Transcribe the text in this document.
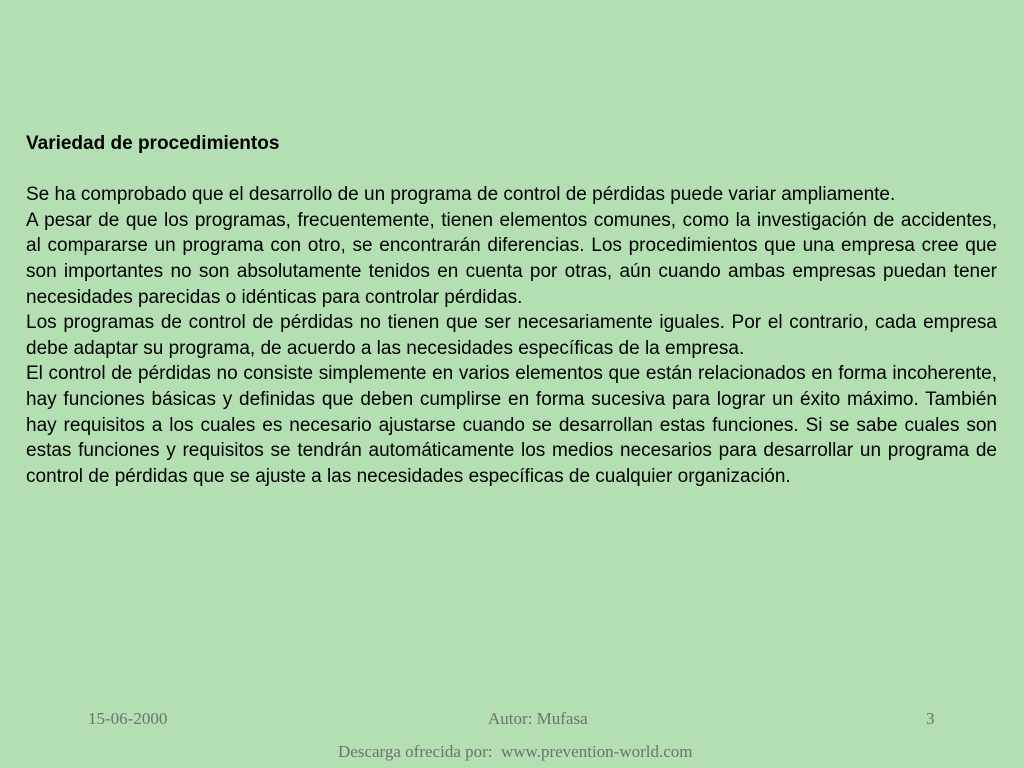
Variedad de procedimientos

Se ha comprobado que el desarrollo de un programa de control de pérdidas puede variar ampliamente.

A pesar de que los programas, frecuentemente, tienen elementos comunes, como la investigación de accidentes, al compararse un programa con otro, se encontrarán diferencias. Los procedimientos que una empresa cree que son importantes no son absolutamente tenidos en cuenta por otras, aún cuando ambas empresas puedan tener necesidades parecidas o idénticas para controlar pérdidas.

Los programas de control de pérdidas no tienen que ser necesariamente iguales. Por el contrario, cada empresa debe adaptar su programa, de acuerdo a las necesidades específicas de la empresa.

El control de pérdidas no consiste simplemente en varios elementos que están relacionados en forma incoherente, hay funciones básicas y definidas que deben cumplirse en forma sucesiva para lograr un éxito máximo. También hay requisitos a los cuales es necesario ajustarse cuando se desarrollan estas funciones. Si se sabe cuales son estas funciones y requisitos se tendrán automáticamente los medios necesarios para desarrollar un programa de control de pérdidas que se ajuste a las necesidades específicas de cualquier organización.

15-06-2000	Autor: Mufasa	3
Descarga ofrecida por:  www.prevention-world.com
